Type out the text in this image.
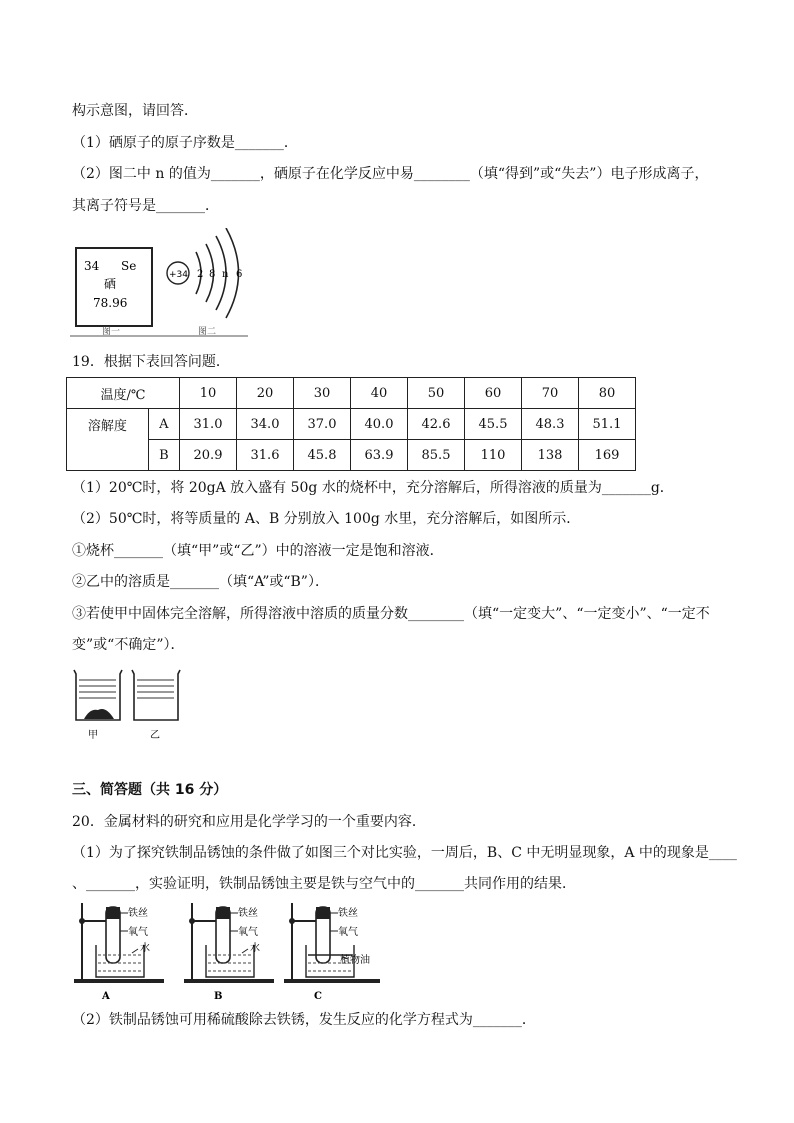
构示意图，请回答．
（1）硒原子的原子序数是_______．
（2）图二中 n 的值为_______，硒原子在化学反应中易________（填“得到”或“失去”）电子形成离子，
其离子符号是_______．
34 Se
硒
78.96
图一	图二
+34 2 8 n 6
19．根据下表回答问题．
温度/℃		10	20	30	40	50	60	70	80
溶解度	A	31.0	34.0	37.0	40.0	42.6	45.5	48.3	51.1
	B	20.9	31.6	45.8	63.9	85.5	110	138	169
（1）20℃时，将 20gA 放入盛有 50g 水的烧杯中，充分溶解后，所得溶液的质量为_______g．
（2）50℃时，将等质量的 A、B 分别放入 100g 水里，充分溶解后，如图所示．
①烧杯_______（填“甲”或“乙”）中的溶液一定是饱和溶液．
②乙中的溶质是_______（填“A”或“B”）．
③若使甲中固体完全溶解，所得溶液中溶质的质量分数________（填“一定变大”、“一定变小”、“一定不
变”或“不确定”）．
甲	乙
三、简答题（共 16 分）
20．金属材料的研究和应用是化学学习的一个重要内容．
（1）为了探究铁制品锈蚀的条件做了如图三个对比实验，一周后，B、C 中无明显现象，A 中的现象是____
、_______，实验证明，铁制品锈蚀主要是铁与空气中的_______共同作用的结果．
铁丝
氧气
水
A
铁丝
氧气
水
B
铁丝
氧气
植物油
C
（2）铁制品锈蚀可用稀硫酸除去铁锈，发生反应的化学方程式为_______．
